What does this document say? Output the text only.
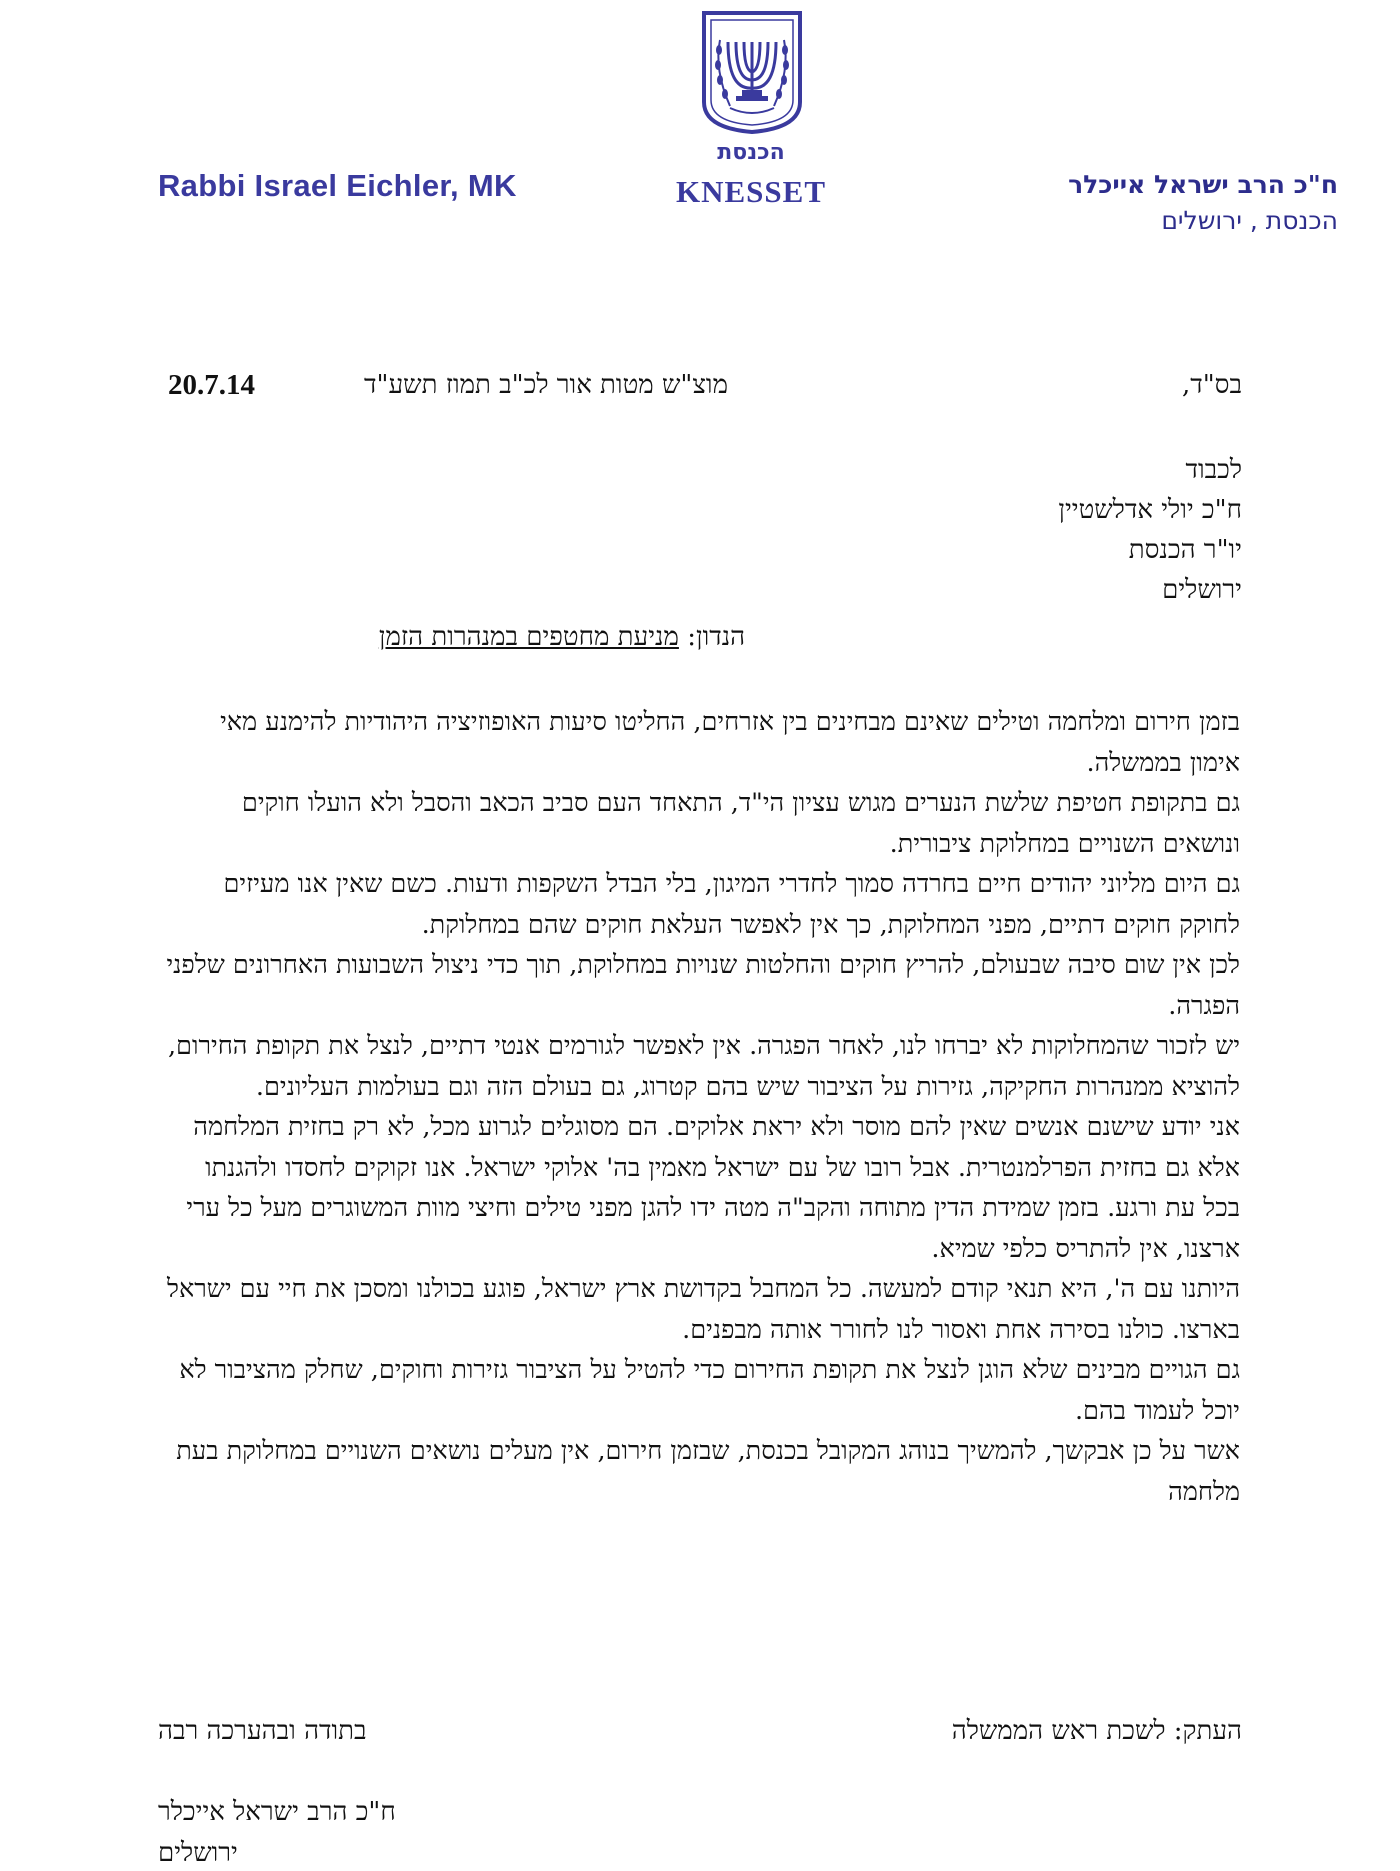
Rabbi Israel Eichler, MK
הכנסת
KNESSET	ח"כ הרב ישראל אייכלר
הכנסת , ירושלים
בס"ד,
מוצ"ש מטות אור לכ"ב תמוז תשע"ד
20.7.14
לכבוד
ח"כ יולי אדלשטיין
יו"ר הכנסת
ירושלים
הנדון: מניעת מחטפים במנהרות הזמן

בזמן חירום ומלחמה וטילים שאינם מבחינים בין אזרחים, החליטו סיעות האופוזיציה היהודיות להימנע מאי אימון בממשלה.

גם בתקופת חטיפת שלשת הנערים מגוש עציון הי"ד, התאחד העם סביב הכאב והסבל ולא הועלו חוקים ונושאים השנויים במחלוקת ציבורית.

גם היום מליוני יהודים חיים בחרדה סמוך לחדרי המיגון, בלי הבדל השקפות ודעות. כשם שאין אנו מעיזים לחוקק חוקים דתיים, מפני המחלוקת, כך אין לאפשר העלאת חוקים שהם במחלוקת.

לכן אין שום סיבה שבעולם, להריץ חוקים והחלטות שנויות במחלוקת, תוך כדי ניצול השבועות האחרונים שלפני הפגרה.

יש לזכור שהמחלוקות לא יברחו לנו, לאחר הפגרה. אין לאפשר לגורמים אנטי דתיים, לנצל את תקופת החירום, להוציא ממנהרות החקיקה, גזירות על הציבור שיש בהם קטרוג, גם בעולם הזה וגם בעולמות העליונים.

אני יודע שישנם אנשים שאין להם מוסר ולא יראת אלוקים. הם מסוגלים לגרוע מכל, לא רק בחזית המלחמה אלא גם בחזית הפרלמנטרית. אבל רובו של עם ישראל מאמין בה' אלוקי ישראל. אנו זקוקים לחסדו ולהגנתו בכל עת ורגע. בזמן שמידת הדין מתוחה והקב"ה מטה ידו להגן מפני טילים וחיצי מוות המשוגרים מעל כל ערי ארצנו, אין להתריס כלפי שמיא.

היותנו עם ה', היא תנאי קודם למעשה. כל המחבל בקדושת ארץ ישראל, פוגע בכולנו ומסכן את חיי עם ישראל בארצו. כולנו בסירה אחת ואסור לנו לחורר אותה מבפנים.

גם הגויים מבינים שלא הוגן לנצל את תקופת החירום כדי להטיל על הציבור גזירות וחוקים, שחלק מהציבור לא יוכל לעמוד בהם.

אשר על כן אבקשך, להמשיך בנוהג המקובל בכנסת, שבזמן חירום, אין מעלים נושאים השנויים במחלוקת בעת מלחמה

העתק: לשכת ראש הממשלה
בתודה ובהערכה רבה
ח"כ הרב ישראל אייכלר
ירושלים
